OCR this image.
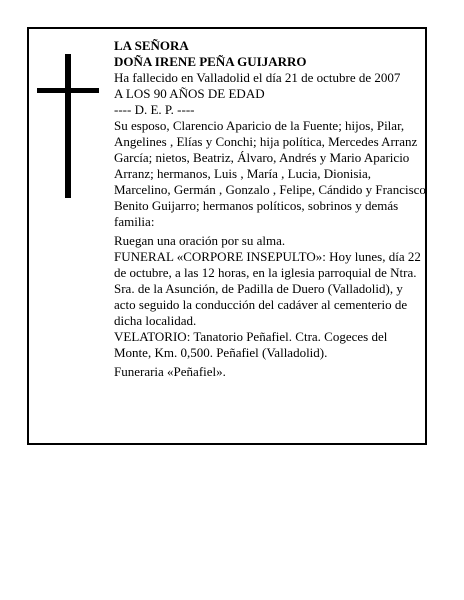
LA SEÑORA

DOÑA IRENE PEÑA GUIJARRO

Ha fallecido en Valladolid el día 21 de octubre de 2007

A LOS 90 AÑOS DE EDAD

---- D. E. P. ----

Su esposo, Clarencio Aparicio de la Fuente; hijos, Pilar, Angelines , Elías y Conchi; hija política, Mercedes Arranz García; nietos, Beatriz, Álvaro, Andrés y Mario Aparicio Arranz; hermanos, Luis , María , Lucia, Dionisia, Marcelino, Germán , Gonzalo , Felipe, Cándido y Francisco Benito Guijarro; hermanos políticos, sobrinos y demás familia:

Ruegan una oración por su alma.

FUNERAL «CORPORE INSEPULTO»: Hoy lunes, día 22 de octubre, a las 12 horas, en la iglesia parroquial de Ntra. Sra. de la Asunción, de Padilla de Duero (Valladolid), y acto seguido la conducción del cadáver al cementerio de dicha localidad.

VELATORIO: Tanatorio Peñafiel. Ctra. Cogeces del Monte, Km. 0,500. Peñafiel (Valladolid).

Funeraria «Peñafiel».
